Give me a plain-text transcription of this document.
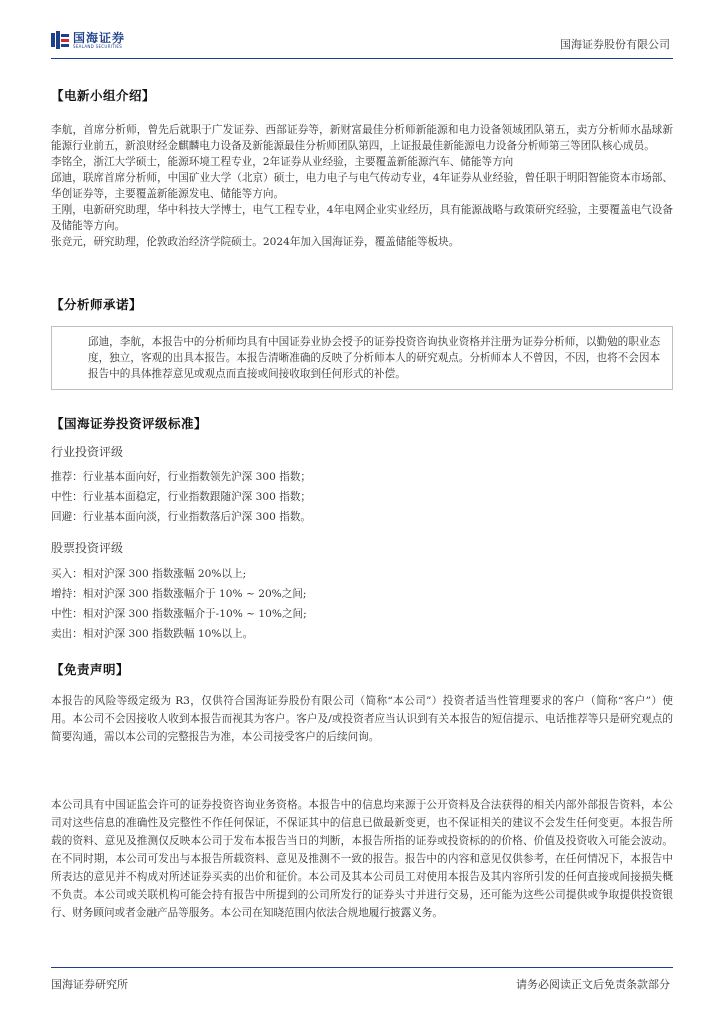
国海证券
SEALAND SECURITIES	国海证券股份有限公司
【电新小组介绍】

李航，首席分析师，曾先后就职于广发证券、西部证券等，新财富最佳分析师新能源和电力设备领域团队第五，卖方分析师水晶球新能源行业前五，新浪财经金麒麟电力设备及新能源最佳分析师团队第四，上证报最佳新能源电力设备分析师第三等团队核心成员。

李铭全，浙江大学硕士，能源环境工程专业，2年证券从业经验，主要覆盖新能源汽车、储能等方向

邱迪，联席首席分析师，中国矿业大学（北京）硕士，电力电子与电气传动专业，4年证券从业经验，曾任职于明阳智能资本市场部、华创证券等，主要覆盖新能源发电、储能等方向。

王刚，电新研究助理，华中科技大学博士，电气工程专业，4年电网企业实业经历，具有能源战略与政策研究经验，主要覆盖电气设备及储能等方向。

张竞元，研究助理，伦敦政治经济学院硕士。2024年加入国海证券，覆盖储能等板块。

【分析师承诺】
邱迪，李航，本报告中的分析师均具有中国证券业协会授予的证券投资咨询执业资格并注册为证券分析师，以勤勉的职业态度，独立，客观的出具本报告。本报告清晰准确的反映了分析师本人的研究观点。分析师本人不曾因，不因，也将不会因本报告中的具体推荐意见或观点而直接或间接收取到任何形式的补偿。
【国海证券投资评级标准】
行业投资评级
推荐：行业基本面向好，行业指数领先沪深 300 指数；
中性：行业基本面稳定，行业指数跟随沪深 300 指数；
回避：行业基本面向淡，行业指数落后沪深 300 指数。
股票投资评级
买入：相对沪深 300 指数涨幅 20%以上;
增持：相对沪深 300 指数涨幅介于 10% ~ 20%之间;
中性：相对沪深 300 指数涨幅介于-10% ~ 10%之间;
卖出：相对沪深 300 指数跌幅 10%以上。
【免责声明】

本报告的风险等级定级为 R3，仅供符合国海证券股份有限公司（简称“本公司”）投资者适当性管理要求的客户（简称“客户”）使用。本公司不会因接收人收到本报告而视其为客户。客户及/或投资者应当认识到有关本报告的短信提示、电话推荐等只是研究观点的简要沟通，需以本公司的完整报告为准，本公司接受客户的后续问询。

本公司具有中国证监会许可的证券投资咨询业务资格。本报告中的信息均来源于公开资料及合法获得的相关内部外部报告资料，本公司对这些信息的准确性及完整性不作任何保证，不保证其中的信息已做最新变更，也不保证相关的建议不会发生任何变更。本报告所载的资料、意见及推测仅反映本公司于发布本报告当日的判断，本报告所指的证券或投资标的的价格、价值及投资收入可能会波动。在不同时期，本公司可发出与本报告所载资料、意见及推测不一致的报告。报告中的内容和意见仅供参考，在任何情况下，本报告中所表达的意见并不构成对所述证券买卖的出价和征价。本公司及其本公司员工对使用本报告及其内容所引发的任何直接或间接损失概不负责。本公司或关联机构可能会持有报告中所提到的公司所发行的证券头寸并进行交易，还可能为这些公司提供或争取提供投资银行、财务顾问或者金融产品等服务。本公司在知晓范围内依法合规地履行披露义务。

国海证券研究所	请务必阅读正文后免责条款部分
